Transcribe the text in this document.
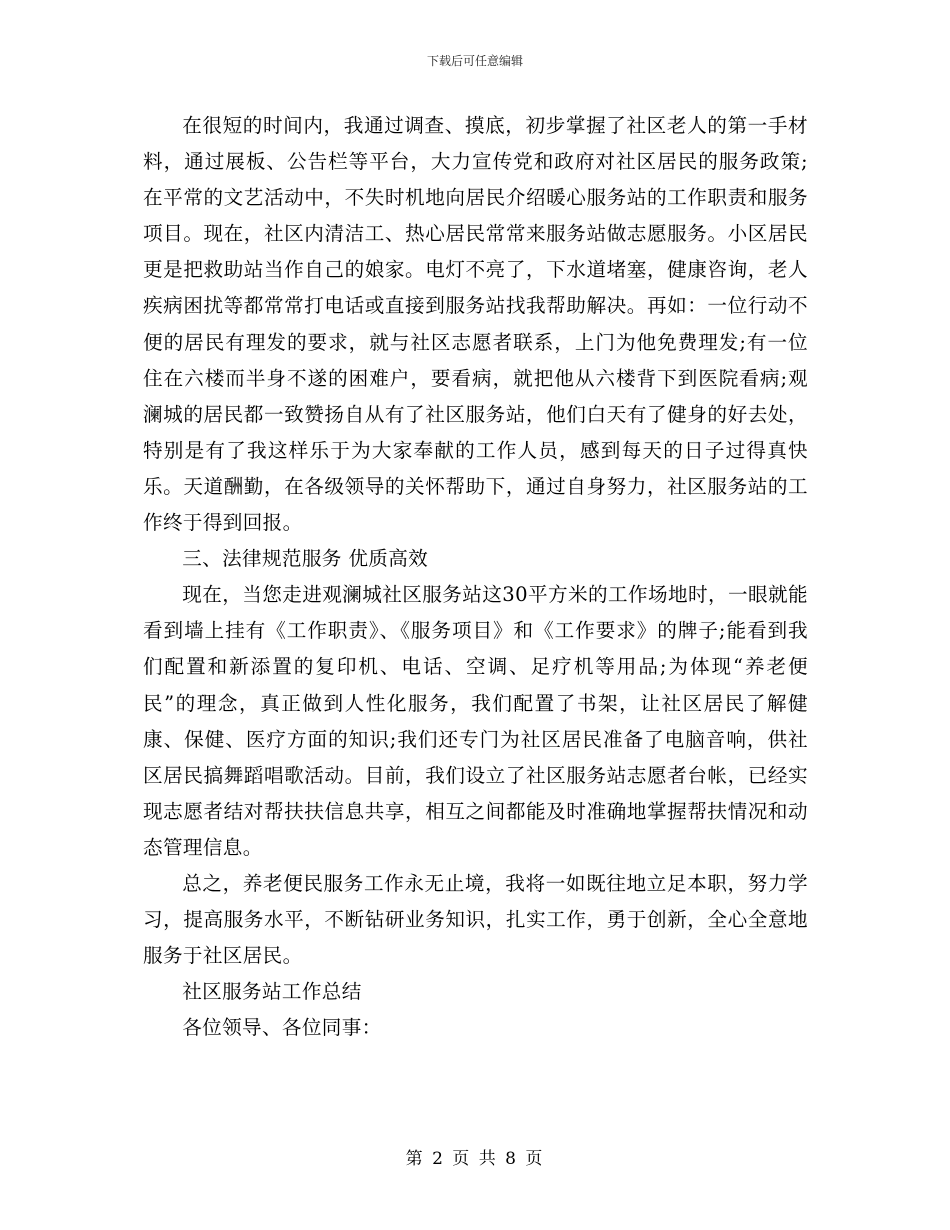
下载后可任意编辑

在很短的时间内，我通过调查、摸底，初步掌握了社区老人的第一手材料，通过展板、公告栏等平台，大力宣传党和政府对社区居民的服务政策;在平常的文艺活动中，不失时机地向居民介绍暖心服务站的工作职责和服务项目。现在，社区内清洁工、热心居民常常来服务站做志愿服务。小区居民更是把救助站当作自己的娘家。电灯不亮了，下水道堵塞，健康咨询，老人疾病困扰等都常常打电话或直接到服务站找我帮助解决。再如：一位行动不便的居民有理发的要求，就与社区志愿者联系，上门为他免费理发;有一位住在六楼而半身不遂的困难户，要看病，就把他从六楼背下到医院看病;观澜城的居民都一致赞扬自从有了社区服务站，他们白天有了健身的好去处，特别是有了我这样乐于为大家奉献的工作人员，感到每天的日子过得真快乐。天道酬勤，在各级领导的关怀帮助下，通过自身努力，社区服务站的工作终于得到回报。

三、法律规范服务 优质高效

现在，当您走进观澜城社区服务站这30平方米的工作场地时，一眼就能看到墙上挂有《工作职责》、《服务项目》和《工作要求》的牌子;能看到我们配置和新添置的复印机、电话、空调、足疗机等用品;为体现“养老便民”的理念，真正做到人性化服务，我们配置了书架，让社区居民了解健康、保健、医疗方面的知识;我们还专门为社区居民准备了电脑音响，供社区居民搞舞蹈唱歌活动。目前，我们设立了社区服务站志愿者台帐，已经实现志愿者结对帮扶扶信息共享，相互之间都能及时准确地掌握帮扶情况和动态管理信息。

总之，养老便民服务工作永无止境，我将一如既往地立足本职，努力学习，提高服务水平，不断钻研业务知识，扎实工作，勇于创新，全心全意地服务于社区居民。

社区服务站工作总结

各位领导、各位同事：

第 2 页 共 8 页
